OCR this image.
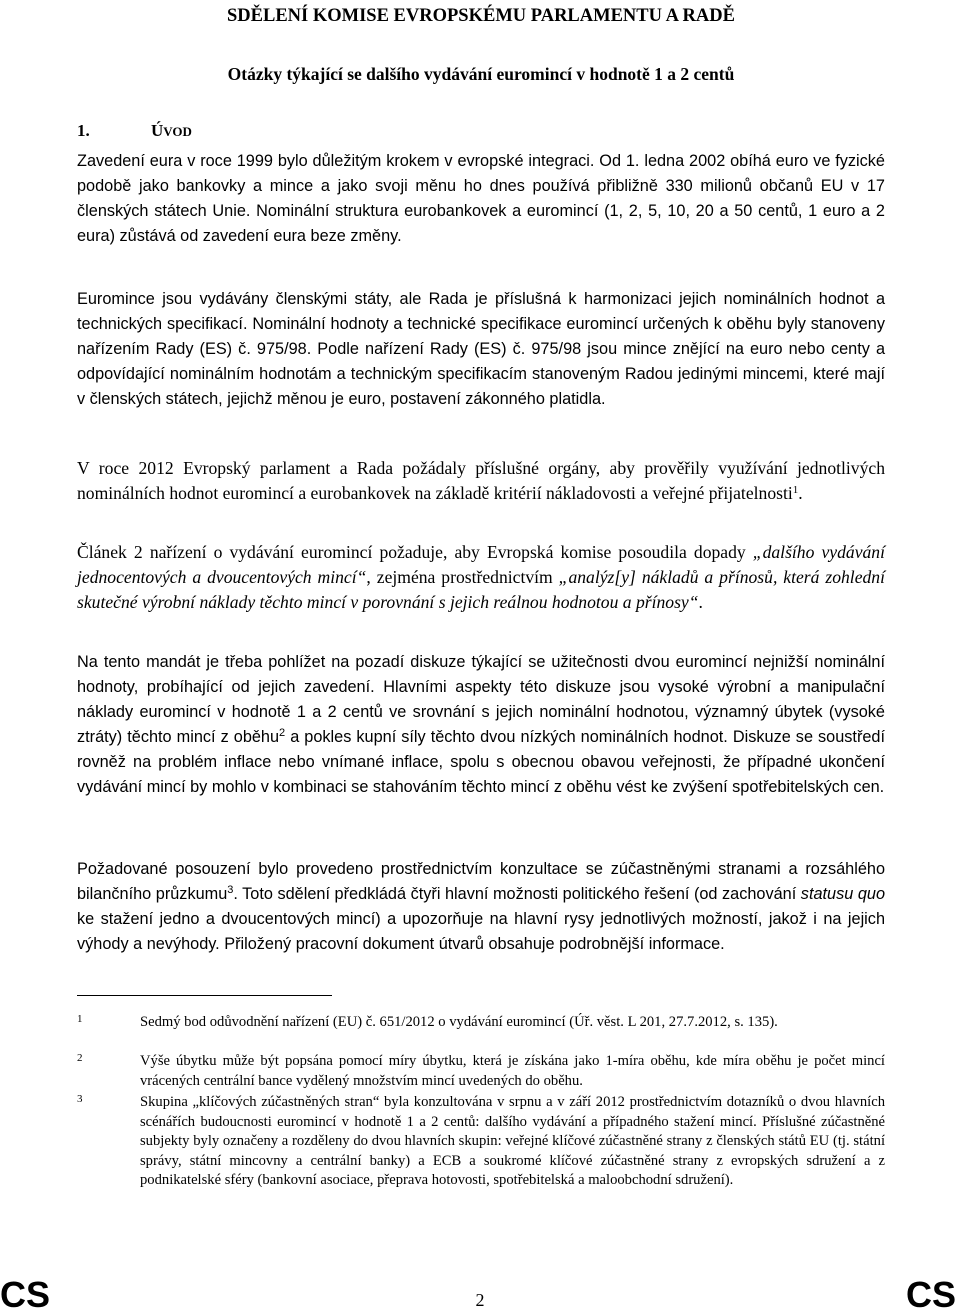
SDĚLENÍ KOMISE EVROPSKÉMU PARLAMENTU A RADĚ
Otázky týkající se dalšího vydávání euromincí v hodnotě 1 a 2 centů
1.	ÚVOD
Zavedení eura v roce 1999 bylo důležitým krokem v evropské integraci. Od 1. ledna 2002 obíhá euro ve fyzické podobě jako bankovky a mince a jako svoji měnu ho dnes používá přibližně 330 milionů občanů EU v 17 členských státech Unie. Nominální struktura eurobankovek a euromincí (1, 2, 5, 10, 20 a 50 centů, 1 euro a 2 eura) zůstává od zavedení eura beze změny.
Euromince jsou vydávány členskými státy, ale Rada je příslušná k harmonizaci jejich nominálních hodnot a technických specifikací. Nominální hodnoty a technické specifikace euromincí určených k oběhu byly stanoveny nařízením Rady (ES) č. 975/98. Podle nařízení Rady (ES) č. 975/98 jsou mince znějící na euro nebo centy a odpovídající nominálním hodnotám a technickým specifikacím stanoveným Radou jedinými mincemi, které mají v členských státech, jejichž měnou je euro, postavení zákonného platidla.
V roce 2012 Evropský parlament a Rada požádaly příslušné orgány, aby prověřily využívání jednotlivých nominálních hodnot euromincí a eurobankovek na základě kritérií nákladovosti a veřejné přijatelnosti$^1$.
Článek 2 nařízení o vydávání euromincí požaduje, aby Evropská komise posoudila dopady „dalšího vydávání jednocentových a dvoucentových mincí“, zejména prostřednictvím „analýz[y] nákladů a přínosů, která zohlední skutečné výrobní náklady těchto mincí v porovnání s jejich reálnou hodnotou a přínosy“.
Na tento mandát je třeba pohlížet na pozadí diskuze týkající se užitečnosti dvou euromincí nejnižší nominální hodnoty, probíhající od jejich zavedení. Hlavními aspekty této diskuze jsou vysoké výrobní a manipulační náklady euromincí v hodnotě 1 a 2 centů ve srovnání s jejich nominální hodnotou, významný úbytek (vysoké ztráty) těchto mincí z oběhu$^2$ a pokles kupní síly těchto dvou nízkých nominálních hodnot. Diskuze se soustředí rovněž na problém inflace nebo vnímané inflace, spolu s obecnou obavou veřejnosti, že případné ukončení vydávání mincí by mohlo v kombinaci se stahováním těchto mincí z oběhu vést ke zvýšení spotřebitelských cen.
Požadované posouzení bylo provedeno prostřednictvím konzultace se zúčastněnými stranami a rozsáhlého bilančního průzkumu$^3$. Toto sdělení předkládá čtyři hlavní možnosti politického řešení (od zachování statusu quo ke stažení jedno a dvoucentových mincí) a upozorňuje na hlavní rysy jednotlivých možností, jakož i na jejich výhody a nevýhody. Přiložený pracovní dokument útvarů obsahuje podrobnější informace.
1	Sedmý bod odůvodnění nařízení (EU) č. 651/2012 o vydávání euromincí (Úř. věst. L 201, 27.7.2012, s. 135).
2	Výše úbytku může být popsána pomocí míry úbytku, která je získána jako 1-míra oběhu, kde míra oběhu je počet mincí vrácených centrální bance vydělený množstvím mincí uvedených do oběhu.
3	Skupina „klíčových zúčastněných stran“ byla konzultována v srpnu a v září 2012 prostřednictvím dotazníků o dvou hlavních scénářích budoucnosti euromincí v hodnotě 1 a 2 centů: dalšího vydávání a případného stažení mincí. Příslušné zúčastněné subjekty byly označeny a rozděleny do dvou hlavních skupin: veřejné klíčové zúčastněné strany z členských států EU (tj. státní správy, státní mincovny a centrální banky) a ECB a soukromé klíčové zúčastněné strany z evropských sdružení a z podnikatelské sféry (bankovní asociace, přeprava hotovosti, spotřebitelská a maloobchodní sdružení).
CS	2	CS
